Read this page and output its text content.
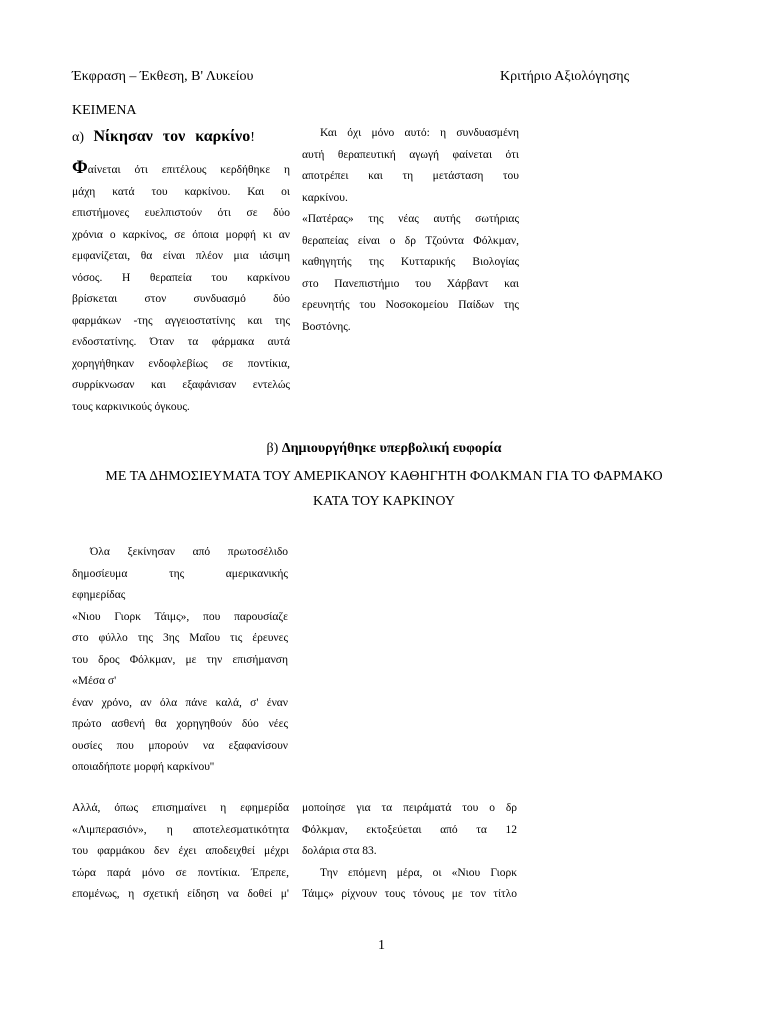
Έκφραση – Έκθεση, Β' Λυκείου	Κριτήριο Αξιολόγησης
ΚΕΙΜΕΝΑ
α) Νίκησαν τον καρκίνο!
Φαίνεται ότι επιτέλους κερδήθηκε η
μάχη κατά του καρκίνου. Και οι
επιστήμονες ευελπιστούν ότι σε δύο
χρόνια ο καρκίνος, σε όποια μορφή κι αν
εμφανίζεται, θα είναι πλέον μια ιάσιμη
νόσος. Η θεραπεία του καρκίνου
βρίσκεται στον συνδυασμό δύο
φαρμάκων -της αγγειοστατίνης και της
ενδοστατίνης. Όταν τα φάρμακα αυτά
χορηγήθηκαν ενδοφλεβίως σε ποντίκια,
συρρίκνωσαν και εξαφάνισαν εντελώς
τους καρκινικούς όγκους.
Και όχι μόνο αυτό: η συνδυασμένη
αυτή θεραπευτική αγωγή φαίνεται ότι
αποτρέπει και τη μετάσταση του
καρκίνου.
«Πατέρας» της νέας αυτής σωτήριας
θεραπείας είναι ο δρ Τζούντα Φόλκμαν,
καθηγητής της Κυτταρικής Βιολογίας
στο Πανεπιστήμιο του Χάρβαντ και
ερευνητής του Νοσοκομείου Παίδων της
Βοστόνης.
β) Δημιουργήθηκε υπερβολική ευφορία
ΜΕ ΤΑ ΔΗΜΟΣΙΕΥΜΑΤΑ ΤΟΥ ΑΜΕΡΙΚΑΝΟΥ ΚΑΘΗΓΗΤΗ ΦΟΛΚΜΑΝ ΓΙΑ ΤΟ ΦΑΡΜΑΚΟ
ΚΑΤΑ ΤΟΥ ΚΑΡΚΙΝΟΥ
Όλα ξεκίνησαν από πρωτοσέλιδο
δημοσίευμα της αμερικανικής
εφημερίδας
«Νιου Γιορκ Τάιμς», που παρουσίαζε
στο φύλλο της 3ης Μαΐου τις έρευνες
του δρος Φόλκμαν, με την επισήμανση
«Μέσα σ'
έναν χρόνο, αν όλα πάνε καλά, σ' έναν
πρώτο ασθενή θα χορηγηθούν δύο νέες
ουσίες που μπορούν να εξαφανίσουν
οποιαδήποτε μορφή καρκίνου''
Αλλά, όπως επισημαίνει η εφημερίδα
«Λιμπερασιόν», η αποτελεσματικότητα
του φαρμάκου δεν έχει αποδειχθεί μέχρι
τώρα παρά μόνο σε ποντίκια. Έπρεπε,
επομένως, η σχετική είδηση να δοθεί μ'
μοποίησε για τα πειράματά του ο δρ
Φόλκμαν, εκτοξεύεται από τα 12
δολάρια στα 83.
Την επόμενη μέρα, οι «Νιου Γιορκ
Τάιμς» ρίχνουν τους τόνους με τον τίτλο
1
